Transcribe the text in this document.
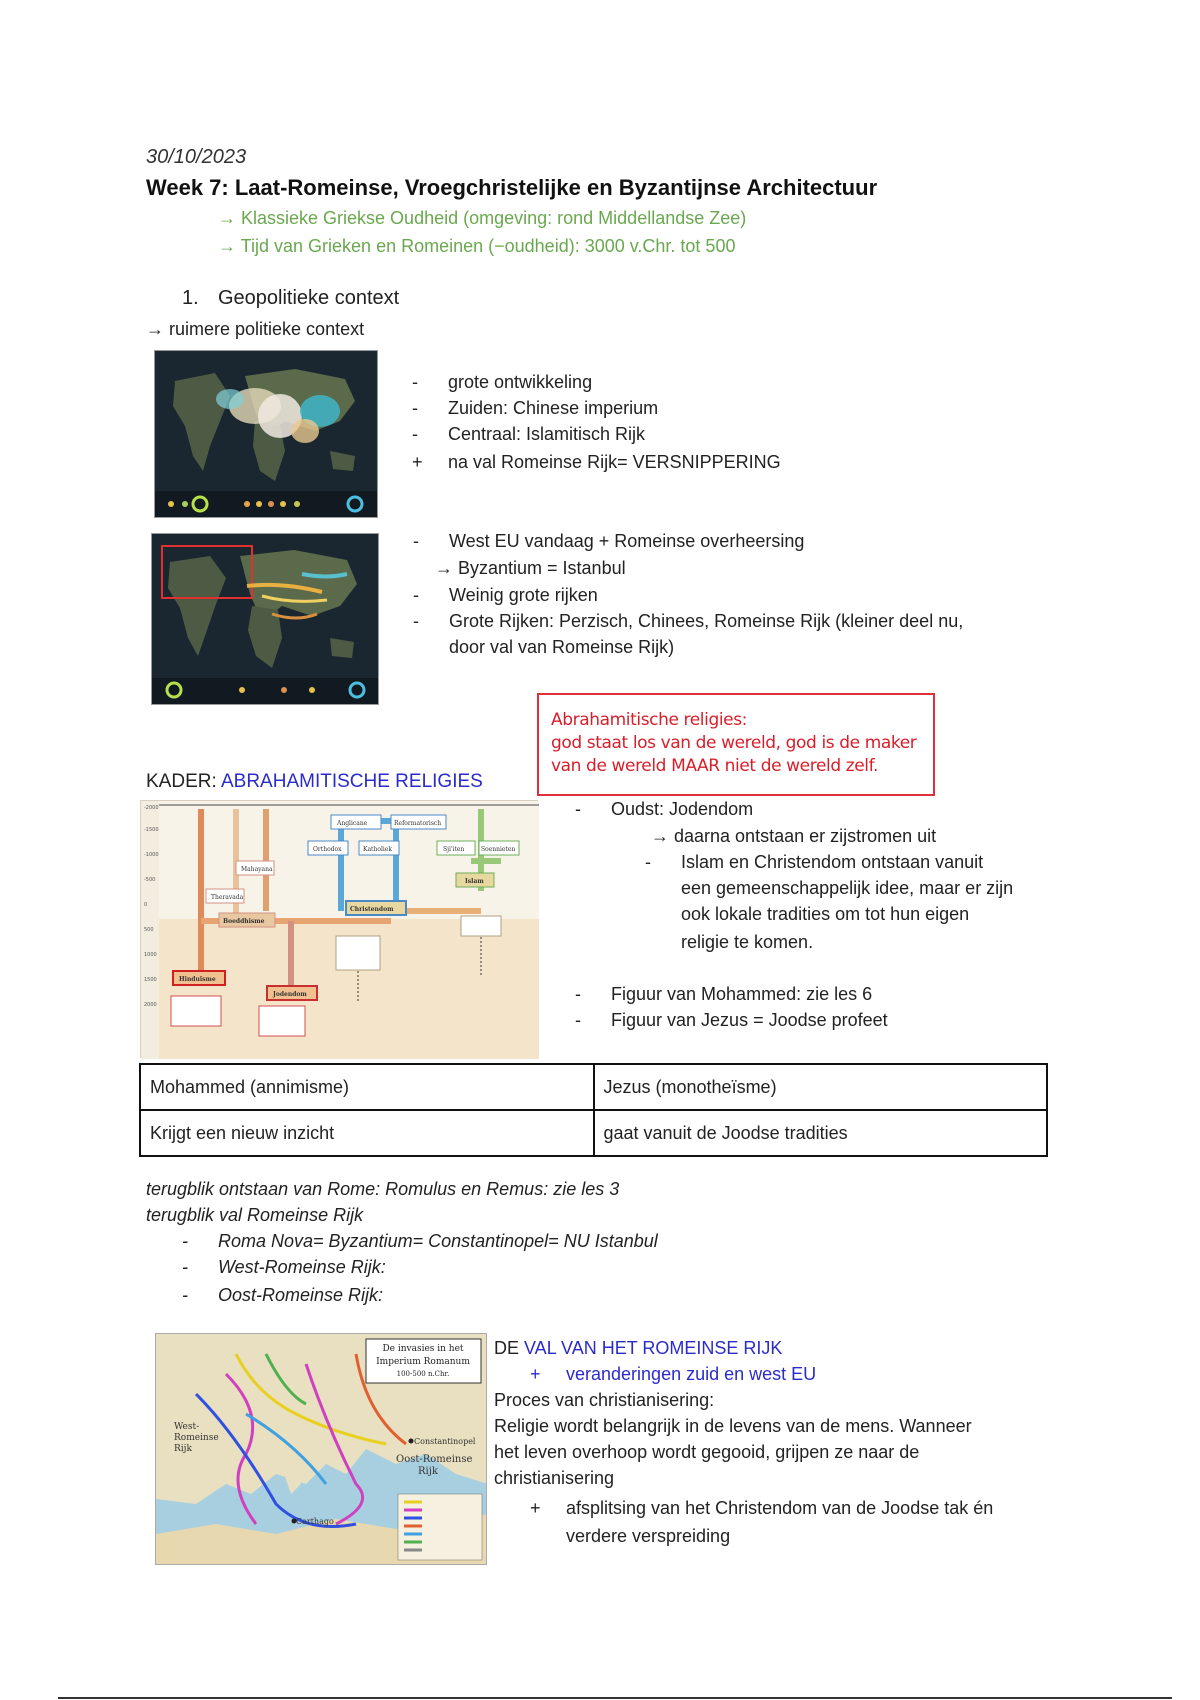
30/10/2023
Week 7: Laat-Romeinse, Vroegchristelijke en Byzantijnse Architectuur
→ Klassieke Griekse Oudheid (omgeving: rond Middellandse Zee)
→ Tijd van Grieken en Romeinen (−oudheid): 3000 v.Chr. tot 500
1. Geopolitieke context
→ ruimere politieke context
- grote ontwikkeling
- Zuiden: Chinese imperium
- Centraal: Islamitisch Rijk
+ na val Romeinse Rijk= VERSNIPPERING
- West EU vandaag + Romeinse overheersing
→ Byzantium = Istanbul
- Weinig grote rijken
- Grote Rijken: Perzisch, Chinees, Romeinse Rijk (kleiner deel nu,
door val van Romeinse Rijk)
Abrahamitische religies:
god staat los van de wereld, god is de maker
van de wereld MAAR niet de wereld zelf.
KADER: ABRAHAMITISCHE RELIGIES
-2000
-1500
-1000
-500
0
500
1000
1500
2000
Anglicane	Reformatorisch
Orthodox	Katholiek	Sji'iten	Soennieten
Islam
Christendom
Mahayana
Theravada
Boeddhisme
Hinduïsme
Jodendom
- Oudst: Jodendom
→ daarna ontstaan er zijstromen uit
- Islam en Christendom ontstaan vanuit
een gemeenschappelijk idee, maar er zijn
ook lokale tradities om tot hun eigen
religie te komen.
- Figuur van Mohammed: zie les 6
- Figuur van Jezus = Joodse profeet
Mohammed (annimisme)	Jezus (monotheïsme)
Krijgt een nieuw inzicht	gaat vanuit de Joodse tradities
terugblik ontstaan van Rome: Romulus en Remus: zie les 3
terugblik val Romeinse Rijk
- Roma Nova= Byzantium= Constantinopel= NU Istanbul
- West-Romeinse Rijk:
- Oost-Romeinse Rijk:
De invasies in het
Imperium Romanum
100-500 n.Chr.
West-
Romeinse
Rijk
Oost-Romeinse
Rijk
Constantinopel
Carthago
DE VAL VAN HET ROMEINSE RIJK
+ veranderingen zuid en west EU
Proces van christianisering:
Religie wordt belangrijk in de levens van de mens. Wanneer
het leven overhoop wordt gegooid, grijpen ze naar de
christianisering
+ afsplitsing van het Christendom van de Joodse tak én
verdere verspreiding
